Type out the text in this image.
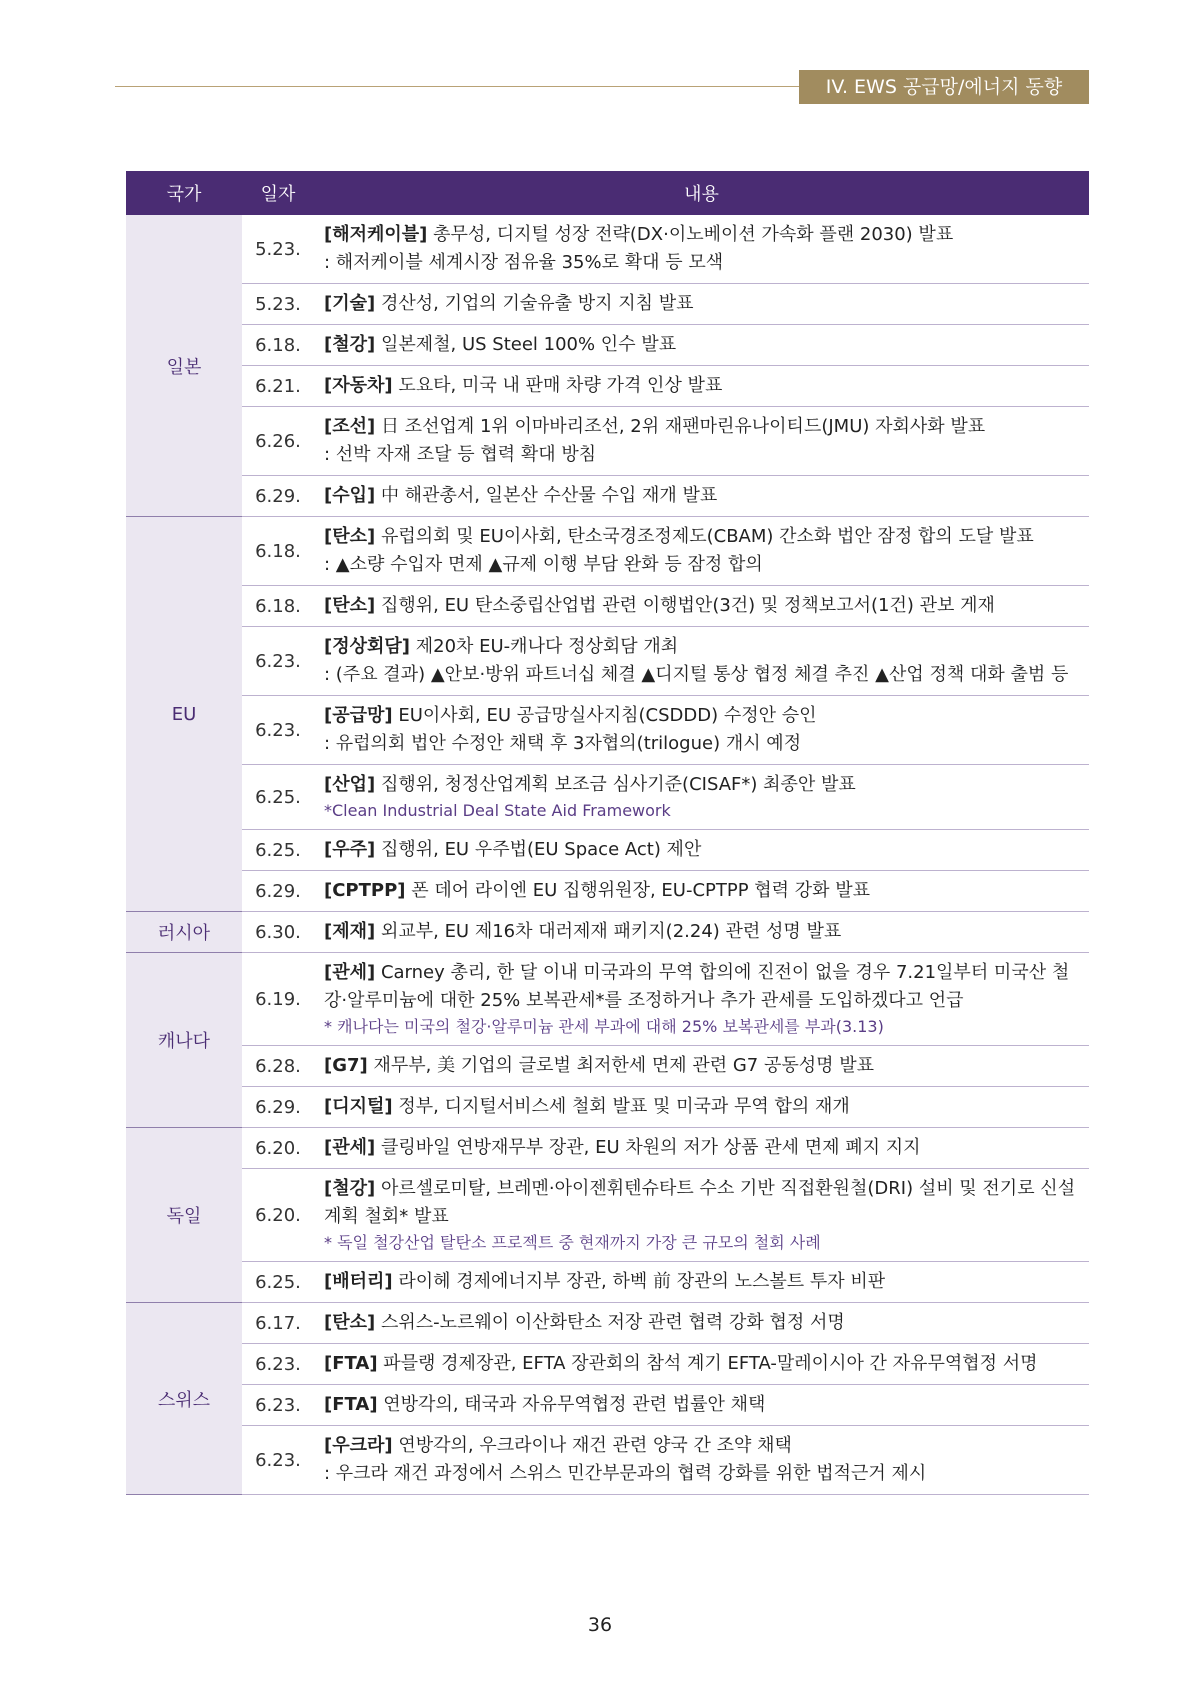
IV. EWS 공급망/에너지 동향
국가	일자	내용
일본	5.23.	[해저케이블] 총무성, 디지털 성장 전략(DX·이노베이션 가속화 플랜 2030) 발표
: 해저케이블 세계시장 점유율 35%로 확대 등 모색

	5.23.	[기술] 경산성, 기업의 기술유출 방지 지침 발표
	6.18.	[철강] 일본제철, US Steel 100% 인수 발표
	6.21.	[자동차] 도요타, 미국 내 판매 차량 가격 인상 발표
	6.26.	[조선] 日 조선업계 1위 이마바리조선, 2위 재팬마린유나이티드(JMU) 자회사화 발표
: 선박 자재 조달 등 협력 확대 방침

	6.29.	[수입] 中 해관총서, 일본산 수산물 수입 재개 발표
EU	6.18.	[탄소] 유럽의회 및 EU이사회, 탄소국경조정제도(CBAM) 간소화 법안 잠정 합의 도달 발표
: ▲소량 수입자 면제 ▲규제 이행 부담 완화 등 잠정 합의

	6.18.	[탄소] 집행위, EU 탄소중립산업법 관련 이행법안(3건) 및 정책보고서(1건) 관보 게재
	6.23.	[정상회담] 제20차 EU-캐나다 정상회담 개최
: (주요 결과) ▲안보·방위 파트너십 체결 ▲디지털 통상 협정 체결 추진 ▲산업 정책 대화 출범 등

	6.23.	[공급망] EU이사회, EU 공급망실사지침(CSDDD) 수정안 승인
: 유럽의회 법안 수정안 채택 후 3자협의(trilogue) 개시 예정

	6.25.	[산업] 집행위, 청정산업계획 보조금 심사기준(CISAF*) 최종안 발표
*Clean Industrial Deal State Aid Framework

	6.25.	[우주] 집행위, EU 우주법(EU Space Act) 제안
	6.29.	[CPTPP] 폰 데어 라이엔 EU 집행위원장, EU-CPTPP 협력 강화 발표
러시아	6.30.	[제재] 외교부, EU 제16차 대러제재 패키지(2.24) 관련 성명 발표
캐나다	6.19.	[관세] Carney 총리, 한 달 이내 미국과의 무역 합의에 진전이 없을 경우 7.21일부터 미국산 철강·알루미늄에 대한 25% 보복관세*를 조정하거나 추가 관세를 도입하겠다고 언급
* 캐나다는 미국의 철강·알루미늄 관세 부과에 대해 25% 보복관세를 부과(3.13)

	6.28.	[G7] 재무부, 美 기업의 글로벌 최저한세 면제 관련 G7 공동성명 발표
	6.29.	[디지털] 정부, 디지털서비스세 철회 발표 및 미국과 무역 합의 재개
독일	6.20.	[관세] 클링바일 연방재무부 장관, EU 차원의 저가 상품 관세 면제 폐지 지지
	6.20.	[철강] 아르셀로미탈, 브레멘·아이젠휘텐슈타트 수소 기반 직접환원철(DRI) 설비 및 전기로 신설 계획 철회* 발표
* 독일 철강산업 탈탄소 프로젝트 중 현재까지 가장 큰 규모의 철회 사례

	6.25.	[배터리] 라이헤 경제에너지부 장관, 하벡 前 장관의 노스볼트 투자 비판
스위스	6.17.	[탄소] 스위스-노르웨이 이산화탄소 저장 관련 협력 강화 협정 서명
	6.23.	[FTA] 파믈랭 경제장관, EFTA 장관회의 참석 계기 EFTA-말레이시아 간 자유무역협정 서명
	6.23.	[FTA] 연방각의, 태국과 자유무역협정 관련 법률안 채택
	6.23.	[우크라] 연방각의, 우크라이나 재건 관련 양국 간 조약 채택
: 우크라 재건 과정에서 스위스 민간부문과의 협력 강화를 위한 법적근거 제시
36
